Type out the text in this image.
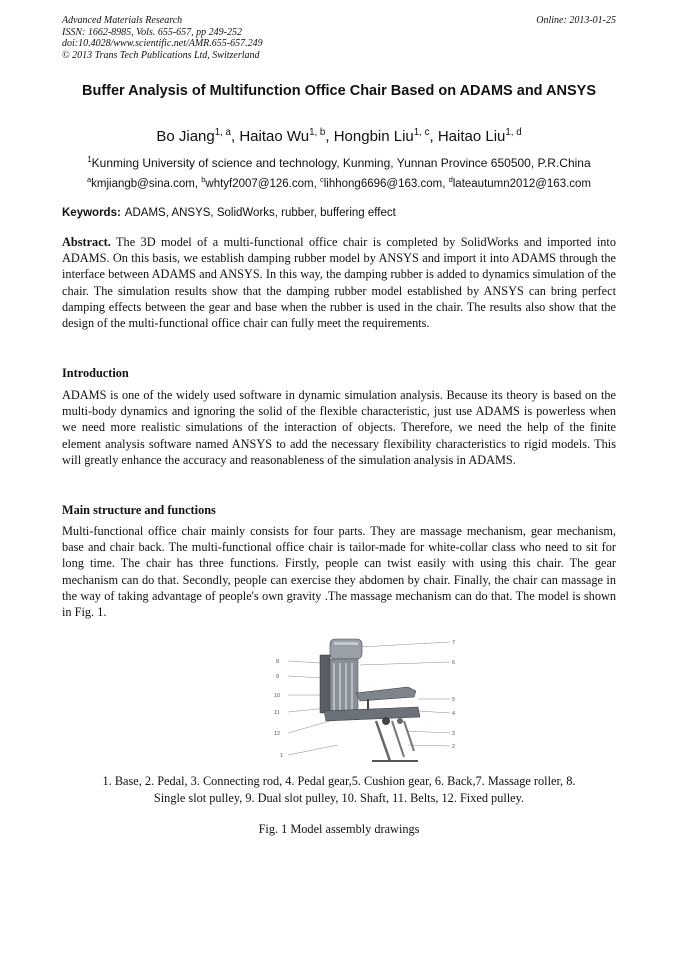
Advanced Materials Research
ISSN: 1662-8985, Vols. 655-657, pp 249-252
doi:10.4028/www.scientific.net/AMR.655-657.249
© 2013 Trans Tech Publications Ltd, Switzerland
Online: 2013-01-25
Buffer Analysis of Multifunction Office Chair Based on ADAMS and ANSYS
Bo Jiang$^{1, a}$, Haitao Wu$^{1, b}$, Hongbin Liu$^{1, c}$, Haitao Liu$^{1, d}$
$^1$Kunming University of science and technology, Kunming, Yunnan Province 650500, P.R.China
$^a$kmjiangb@sina.com, $^b$whtyf2007@126.com, $^c$lihhong6696@163.com, $^d$lateautumn2012@163.com
Keywords: ADAMS, ANSYS, SolidWorks, rubber, buffering effect
Abstract. The 3D model of a multi-functional office chair is completed by SolidWorks and imported into ADAMS. On this basis, we establish damping rubber model by ANSYS and import it into ADAMS through the interface between ADAMS and ANSYS. In this way, the damping rubber is added to dynamics simulation of the chair. The simulation results show that the damping rubber model established by ANSYS can bring perfect damping effects between the gear and base when the rubber is used in the chair. The results also show that the design of the multi-functional office chair can fully meet the requirements.
Introduction
ADAMS is one of the widely used software in dynamic simulation analysis. Because its theory is based on the multi-body dynamics and ignoring the solid of the flexible characteristic, just use ADAMS is powerless when we need more realistic simulations of the interaction of objects. Therefore, we need the help of the finite element analysis software named ANSYS to add the necessary flexibility characteristics to rigid models. This will greatly enhance the accuracy and reasonableness of the simulation analysis in ADAMS.
Main structure and functions
Multi-functional office chair mainly consists for four parts. They are massage mechanism, gear mechanism, base and chair back. The multi-functional office chair is tailor-made for white-collar class who need to sit for long time. The chair has three functions. Firstly, people can twist easily with using this chair. The gear mechanism can do that. Secondly, people can exercise they abdomen by chair. Finally, the chair can massage in the way of taking advantage of people's own gravity .The massage mechanism can do that. The model is shown in Fig. 1.
8
9
10
11
12
1
7
6
5
4
3
2
1. Base, 2. Pedal, 3. Connecting rod, 4. Pedal gear,5. Cushion gear, 6. Back,7. Massage roller, 8. Single slot pulley, 9. Dual slot pulley, 10. Shaft, 11. Belts, 12. Fixed pulley.
Fig. 1 Model assembly drawings
